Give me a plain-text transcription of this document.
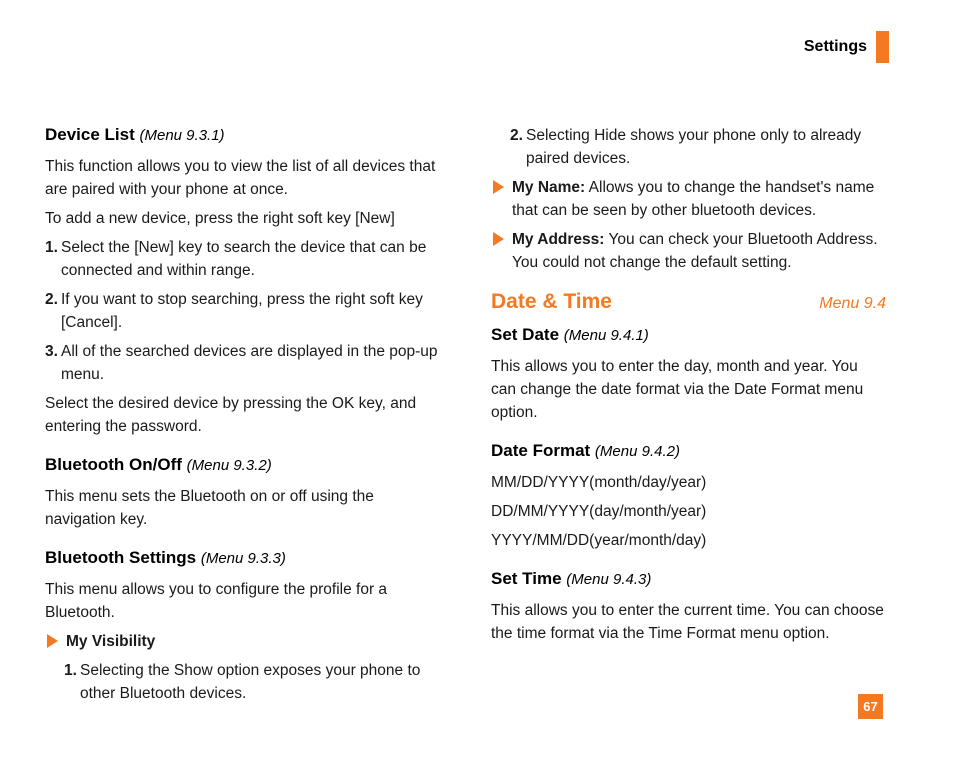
Settings
Device List (Menu 9.3.1)
This function allows you to view the list of all devices that are paired with your phone at once.
To add a new device, press the right soft key [New]
1. Select the [New] key to search the device that can be connected and within range.
2. If you want to stop searching, press the right soft key [Cancel].
3. All of the searched devices are displayed in the pop-up menu.
Select the desired device by pressing the OK key, and entering the password.
Bluetooth On/Off (Menu 9.3.2)
This menu sets the Bluetooth on or off using the navigation key.
Bluetooth Settings (Menu 9.3.3)
This menu allows you to configure the profile for a Bluetooth.
My Visibility
1. Selecting the Show option exposes your phone to other Bluetooth devices.
2. Selecting Hide shows your phone only to already paired devices.
My Name: Allows you to change the handset's name that can be seen by other bluetooth devices.
My Address: You can check your Bluetooth Address. You could not change the default setting.
Date & Time	Menu 9.4
Set Date (Menu 9.4.1)
This allows you to enter the day, month and year. You can change the date format via the Date Format menu option.
Date Format (Menu 9.4.2)
MM/DD/YYYY(month/day/year)
DD/MM/YYYY(day/month/year)
YYYY/MM/DD(year/month/day)
Set Time (Menu 9.4.3)
This allows you to enter the current time. You can choose the time format via the Time Format menu option.
67
